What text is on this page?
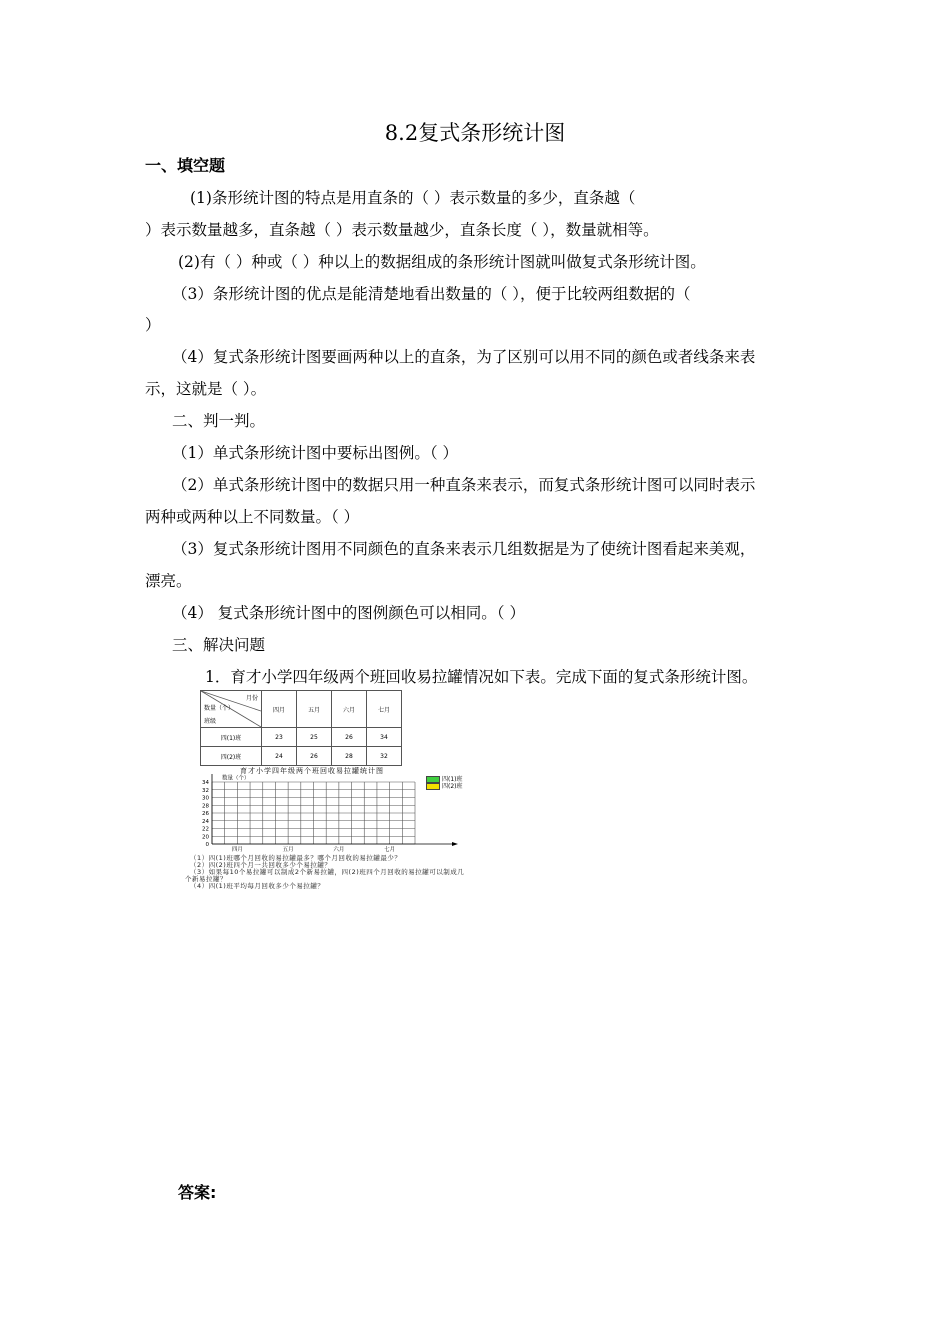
8.2复式条形统计图
一、填空题
(1)条形统计图的特点是用直条的（ ）表示数量的多少，直条越（
）表示数量越多，直条越（ ）表示数量越少，直条长度（ ），数量就相等。
(2)有（ ）种或（ ）种以上的数据组成的条形统计图就叫做复式条形统计图。
（3）条形统计图的优点是能清楚地看出数量的（ ），便于比较两组数据的（
）
（4）复式条形统计图要画两种以上的直条，为了区别可以用不同的颜色或者线条来表
示，这就是（ ）。
二、判一判。
（1）单式条形统计图中要标出图例。（ ）
（2）单式条形统计图中的数据只用一种直条来表示，而复式条形统计图可以同时表示
两种或两种以上不同数量。（ ）
（3）复式条形统计图用不同颜色的直条来表示几组数据是为了使统计图看起来美观，
漂亮。
（4） 复式条形统计图中的图例颜色可以相同。（ ）
三、解决问题
1．育才小学四年级两个班回收易拉罐情况如下表。完成下面的复式条形统计图。
月份
数量（个）
班级	四月	五月	六月	七月
四(1)班	23	25	26	34
四(2)班	24	26	28	32
育才小学四年级两个班回收易拉罐统计图
四(1)班
四(2)班
34
32
30
28
26
24
22
20
0
数量（个）
四月	五月	六月	七月
（1）四(1)班哪个月回收的易拉罐最多？哪个月回收的易拉罐最少？
（2）四(2)班四个月一共回收多少个易拉罐？
（3）如果每10个易拉罐可以制成2个新易拉罐，四(2)班四个月回收的易拉罐可以制成几
个新易拉罐？
（4）四(1)班平均每月回收多少个易拉罐？
答案:
